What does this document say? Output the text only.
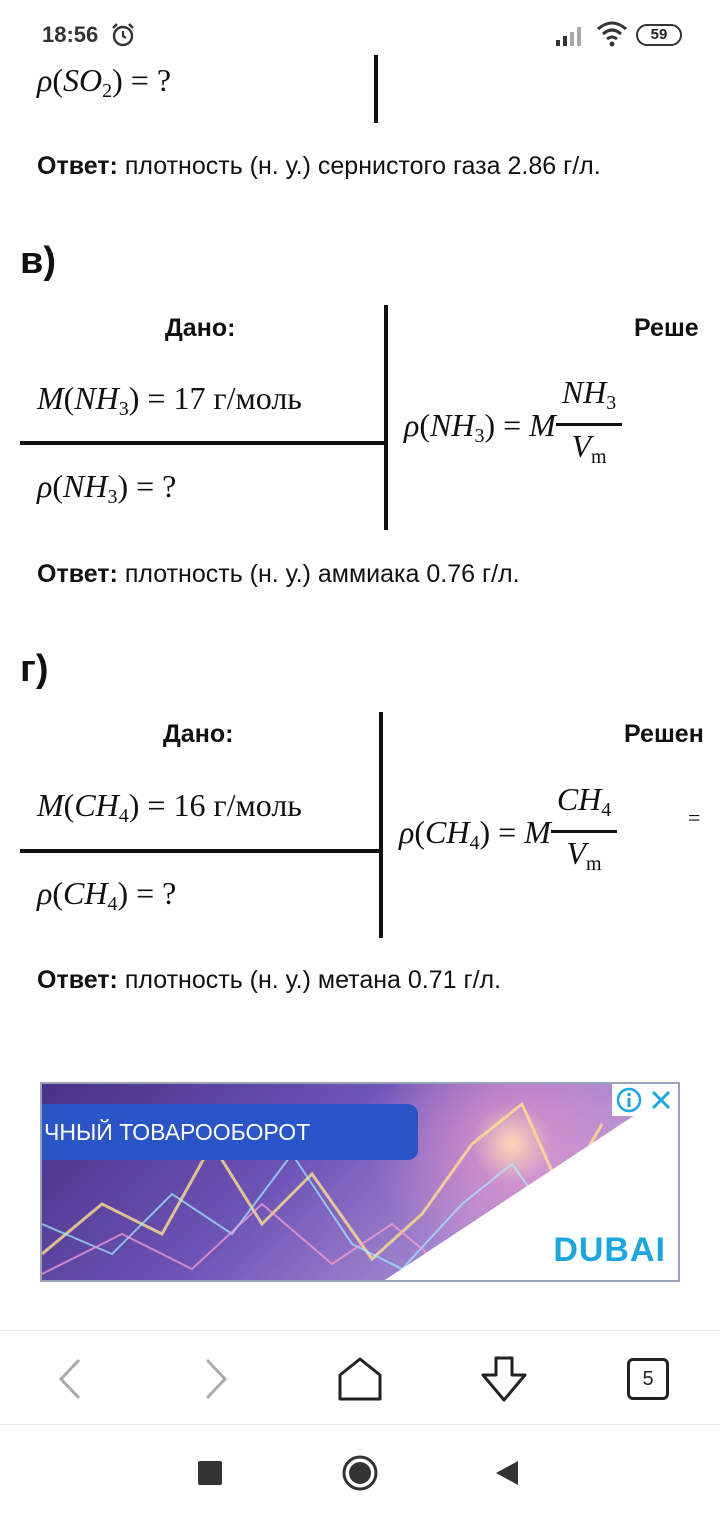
18:56	59
$\rho(SO_2)$ = ?
Ответ: плотность (н. у.) сернистого газа 2.86 г/л.
в)
Дано:	Реше
$M(NH_3) = 17$ г/моль
$\rho(NH_3)$ = ?
$\rho(NH_3) = M \frac{NH_3}{V_m}$
Ответ: плотность (н. у.) аммиака 0.76 г/л.
г)
Дано:	Решен
$M(CH_4) = 16$ г/моль
$\rho(CH_4)$ = ?
$\rho(CH_4) = M \frac{CH_4}{V_m}$	=
Ответ: плотность (н. у.) метана 0.71 г/л.
ЧНЫЙ ТОВАРООБОРОТ
DUBAI
5
